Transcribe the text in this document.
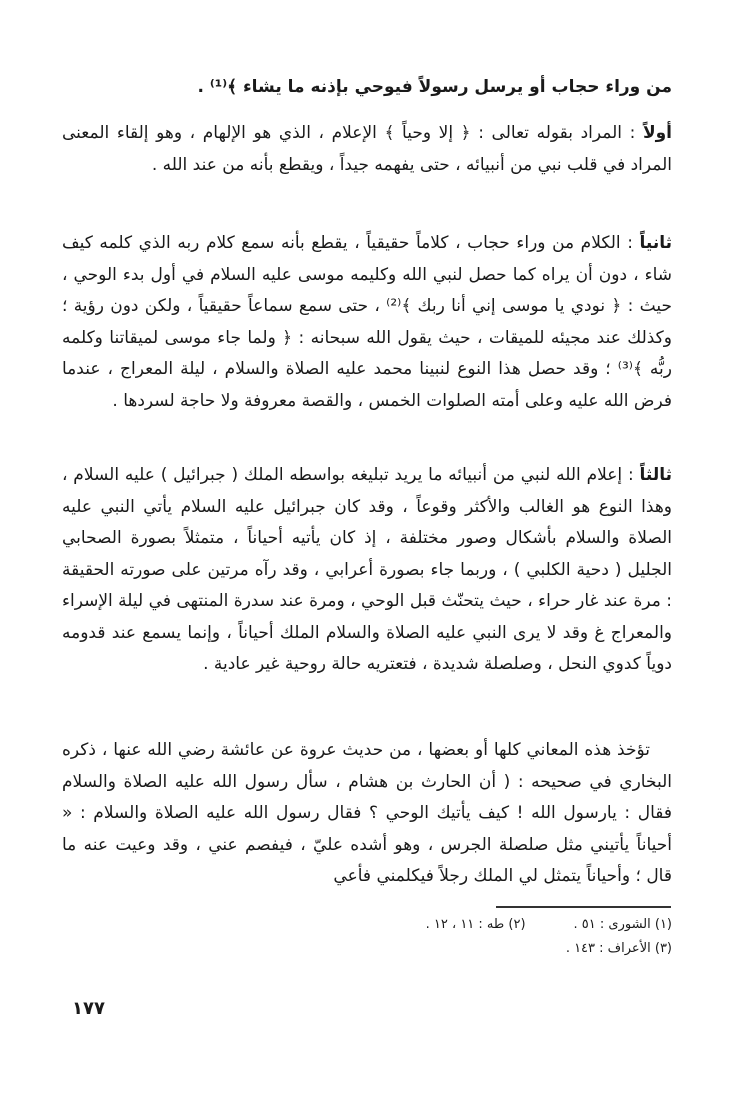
من وراء حجاب أو يرسل رسولاً فيوحي بإذنه ما يشاء ﴾⁽¹⁾ .

أولاً : المراد بقوله تعالى : ﴿ إلا وحياً ﴾ الإعلام ، الذي هو الإلهام ، وهو إلقاء المعنى المراد في قلب نبي من أنبيائه ، حتى يفهمه جيداً ، ويقطع بأنه من عند الله .

ثانياً : الكلام من وراء حجاب ، كلاماً حقيقياً ، يقطع بأنه سمع كلام ربه الذي كلمه كيف شاء ، دون أن يراه كما حصل لنبي الله وكليمه موسى عليه السلام في أول بدء الوحي ، حيث : ﴿ نودي يا موسى إني أنا ربك ﴾⁽²⁾ ، حتى سمع سماعاً حقيقياً ، ولكن دون رؤية ؛ وكذلك عند مجيئه للميقات ، حيث يقول الله سبحانه : ﴿ ولما جاء موسى لميقاتنا وكلمه ربُّه ﴾⁽³⁾ ؛ وقد حصل هذا النوع لنبينا محمد عليه الصلاة والسلام ، ليلة المعراج ، عندما فرض الله عليه وعلى أمته الصلوات الخمس ، والقصة معروفة ولا حاجة لسردها .

ثالثاً : إعلام الله لنبي من أنبيائه ما يريد تبليغه بواسطه الملك ( جبرائيل ) عليه السلام ، وهذا النوع هو الغالب والأكثر وقوعاً ، وقد كان جبرائيل عليه السلام يأتي النبي عليه الصلاة والسلام بأشكال وصور مختلفة ، إذ كان يأتيه أحياناً ، متمثلاً بصورة الصحابي الجليل ( دحية الكلبي ) ، وربما جاء بصورة أعرابي ، وقد رآه مرتين على صورته الحقيقة : مرة عند غار حراء ، حيث يتحنّث قبل الوحي ، ومرة عند سدرة المنتهى في ليلة الإسراء والمعراج غ وقد لا يرى النبي عليه الصلاة والسلام الملك أحياناً ، وإنما يسمع عند قدومه دوياً كدوي النحل ، وصلصلة شديدة ، فتعتريه حالة روحية غير عادية .

تؤخذ هذه المعاني كلها أو بعضها ، من حديث عروة عن عائشة رضي الله عنها ، ذكره البخاري في صحيحه : ( أن الحارث بن هشام ، سأل رسول الله عليه الصلاة والسلام فقال : يارسول الله ! كيف يأتيك الوحي ؟ فقال رسول الله عليه الصلاة والسلام : « أحياناً يأتيني مثل صلصلة الجرس ، وهو أشده عليّ ، فيفصم عني ، وقد وعيت عنه ما قال ؛ وأحياناً يتمثل لي الملك رجلاً فيكلمني فأعي

(١) الشورى : ٥١ .
(٢) طه : ١١ ، ١٢ .
(٣) الأعراف : ١٤٣ .
١٧٧
